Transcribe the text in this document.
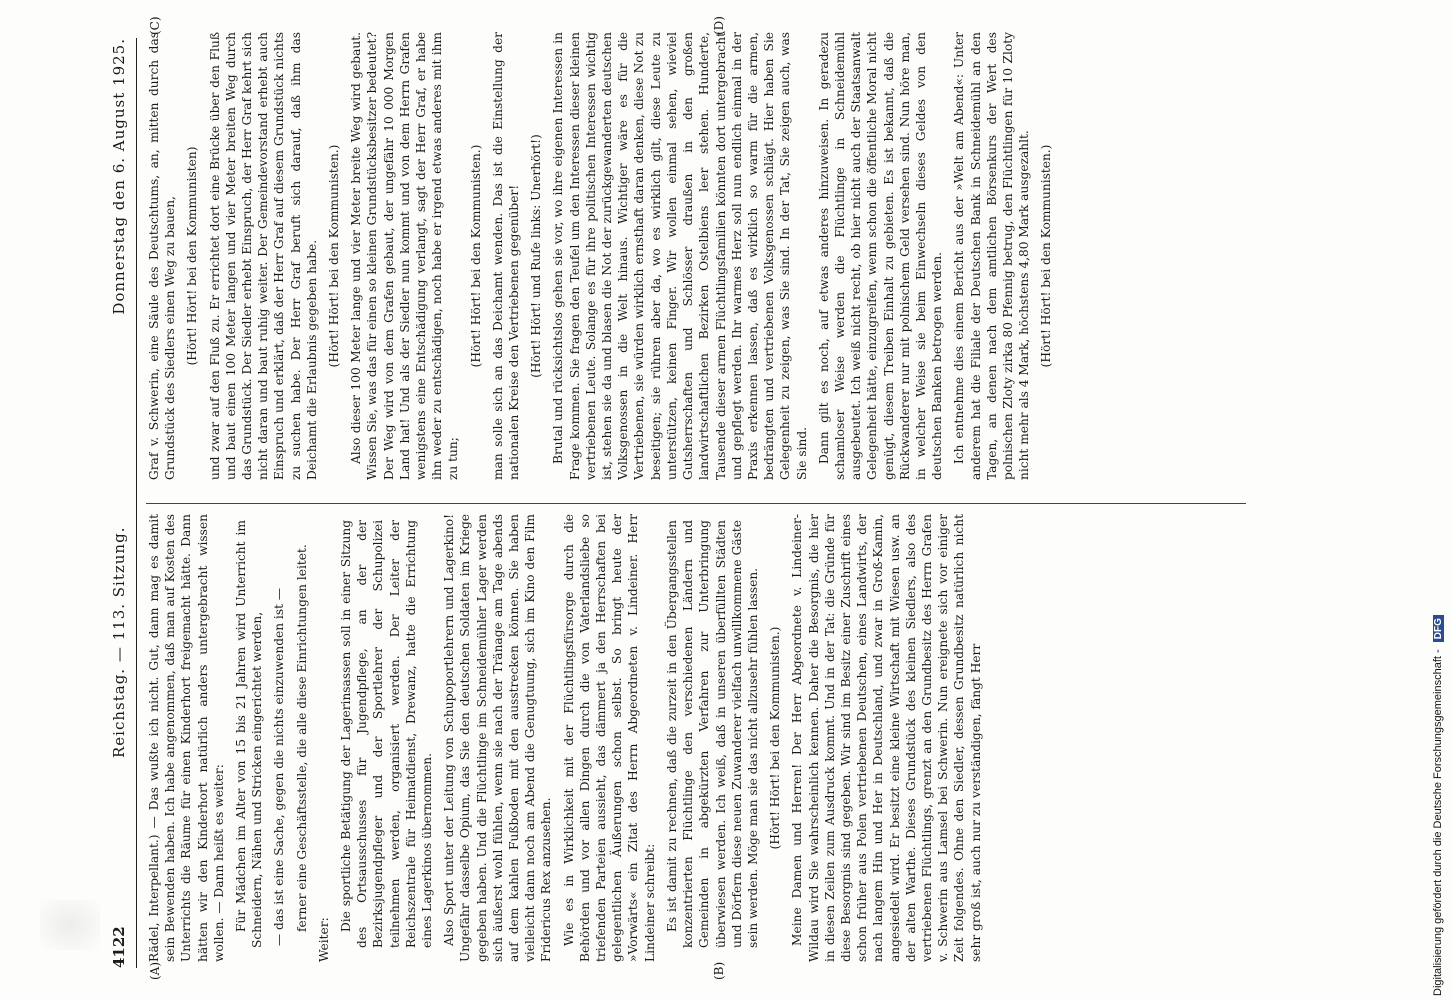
4122
Reichstag. — 113. Sitzung.
Donnerstag den 6. August 1925.
(A)	(B)
(C)	(D)

Rädel, Interpellant.) — Das wußte ich nicht. Gut, dann mag es damit sein Bewenden haben. Ich habe angenommen, daß man auf Kosten des Unterrichts die Räume für einen Kinderhort freigemacht hätte. Dann hätten wir den Kinderhort natürlich anders untergebracht wissen wollen. — Dann heißt es weiter: Für Mädchen im Alter von 15 bis 21 Jahren wird Unterricht im Schneidern, Nähen und Stricken eingerichtet werden, — das ist eine Sache, gegen die nichts einzuwenden ist — ferner eine Geschäftsstelle, die alle diese Einrichtungen leitet.

Weiter:

Die sportliche Betätigung der Lagerinsassen soll in einer Sitzung des Ortsausschusses für Jugendpflege, an der der Bezirksjugendpfleger und der Sportlehrer der Schupolizei teilnehmen werden, organisiert werden. Der Leiter der Reichszentrale für Heimatdienst, Drewanz, hatte die Errichtung eines Lagerkinos übernommen. Also Sport unter der Leitung von Schupoportlehrern und Lagerkino! Ungefähr dasselbe Opium, das Sie den deutschen Soldaten im Kriege gegeben haben. Und die Flüchtlinge im Schneidemühler Lager werden sich äußerst wohl fühlen, wenn sie nach der Tränage am Tage abends auf dem kahlen Fußboden mit den ausstrecken können. Sie haben vielleicht dann noch am Abend die Genugtuung, sich im Kino den Film Fridericus Rex anzusehen. Wie es in Wirklichkeit mit der Flüchtlingsfürsorge durch die Behörden und vor allen Dingen durch die von Vaterlandsliebe so triefenden Parteien aussieht, das dämmert ja den Herrschaften bei gelegentlichen Äußerungen schon selbst. So bringt heute der »Vorwärts« ein Zitat des Herrn Abgeordneten v. Lindeiner. Herr Lindeiner schreibt: Es ist damit zu rechnen, daß die zurzeit in den Übergangsstellen konzentrierten Flüchtlinge den verschiedenen Ländern und Gemeinden in abgekürzten Verfahren zur Unterbringung überwiesen werden. Ich weiß, daß in unseren überfüllten Städten und Dörfern diese neuen Zuwanderer vielfach unwillkommene Gäste sein werden. Möge man sie das nicht allzusehr fühlen lassen. (Hört! Hört! bei den Kommunisten.) Meine Damen und Herren! Der Herr Abgeordnete v. Lindeiner-Wildau wird Sie wahrscheinlich kennen. Daher die Besorgnis, die hier in diesen Zeilen zum Ausdruck kommt. Und in der Tat: die Gründe für diese Besorgnis sind gegeben. Wir sind im Besitz einer Zuschrift eines schon früher aus Polen vertriebenen Deutschen, eines Landwirts, der nach langem Hin und Her in Deutschland, und zwar in Groß-Kamin, angesiedelt wird. Er besitzt eine kleine Wirtschaft mit Wiesen usw. an der alten Warthe. Dieses Grundstück des kleinen Siedlers, also des vertriebenen Flüchtlings, grenzt an den Grundbesitz des Herrn Grafen v. Schwerin aus Lamsel bei Schwerin. Nun ereignete sich vor einiger Zeit folgendes. Ohne den Siedler, dessen Grundbesitz natürlich nicht sehr groß ist, auch nur zu verständigen, fängt Herr

Graf v. Schwerin, eine Säule des Deutschtums, an, mitten durch das Grundstück des Siedlers einen Weg zu bauen, (Hört! Hört! bei den Kommunisten) und zwar auf den Fluß zu. Er errichtet dort eine Brücke über den Fluß und baut einen 100 Meter langen und vier Meter breiten Weg durch das Grundstück. Der Siedler erhebt Einspruch, der Herr Graf kehrt sich nicht daran und baut ruhig weiter. Der Gemeindevorstand erhebt auch Einspruch und erklärt, daß der Herr Graf auf diesem Grundstück nichts zu suchen habe. Der Herr Graf beruft sich darauf, daß ihm das Deichamt die Erlaubnis gegeben habe. (Hört! Hört! bei den Kommunisten.) Also dieser 100 Meter lange und vier Meter breite Weg wird gebaut. Wissen Sie, was das für einen so kleinen Grundstücksbesitzer bedeutet? Der Weg wird von dem Grafen gebaut, der ungefähr 10 000 Morgen Land hat! Und als der Siedler nun kommt und von dem Herrn Grafen wenigstens eine Entschädigung verlangt, sagt der Herr Graf, er habe ihn weder zu entschädigen, noch habe er irgend etwas anderes mit ihm zu tun;

(Hört! Hört! bei den Kommunisten.) man solle sich an das Deichamt wenden. Das ist die Einstellung der nationalen Kreise den Vertriebenen gegenüber! (Hört! Hört! und Rufe links: Unerhört!) Brutal und rücksichtslos gehen sie vor, wo ihre eigenen Interessen in Frage kommen. Sie fragen den Teufel um den Interessen dieser kleinen vertriebenen Leute. Solange es für ihre politischen Interessen wichtig ist, stehen sie da und blasen die Not der zurückgewanderten deutschen Volksgenossen in die Welt hinaus. Wichtiger wäre es für die Vertriebenen, sie würden wirklich ernsthaft daran denken, diese Not zu beseitigen; sie rühren aber da, wo es wirklich gilt, diese Leute zu unterstützen, keinen Finger. Wir wollen einmal sehen, wieviel Gutsherrschaften und Schlösser draußen in den großen landwirtschaftlichen Bezirken Ostelbiens leer stehen. Hunderte, Tausende dieser armen Flüchtlingsfamilien könnten dort untergebracht und gepflegt werden. Ihr warmes Herz soll nun endlich einmal in der Praxis erkennen lassen, daß es wirklich so warm für die armen, bedrängten und vertriebenen Volksgenossen schlägt. Hier haben Sie Gelegenheit zu zeigen, was Sie sind. In der Tat, Sie zeigen auch, was Sie sind. Dann gilt es noch, auf etwas anderes hinzuweisen. In geradezu schamloser Weise werden die Flüchtlinge in Schneidemühl ausgebeutet. Ich weiß nicht recht, ob hier nicht auch der Staatsanwalt Gelegenheit hätte, einzugreifen, wenn schon die öffentliche Moral nicht genügt, diesem Treiben Einhalt zu gebieten. Es ist bekannt, daß die Rückwanderer nur mit polnischem Geld versehen sind. Nun höre man, in welcher Weise sie beim Einwechseln dieses Geldes von den deutschen Banken betrogen werden. Ich entnehme dies einem Bericht aus der »Welt am Abend«: Unter anderem hat die Filiale der Deutschen Bank in Schneidemühl an den Tagen, an denen nach dem amtlichen Börsenkurs der Wert des polnischen Zloty zirka 80 Pfennig betrug, den Flüchtlingen für 10 Zloty nicht mehr als 4 Mark, höchstens 4,80 Mark ausgezahlt. (Hört! Hört! bei den Kommunisten.)

Digitalisierung gefördert durch die Deutsche Forschungsgemeinschaft - DFG
